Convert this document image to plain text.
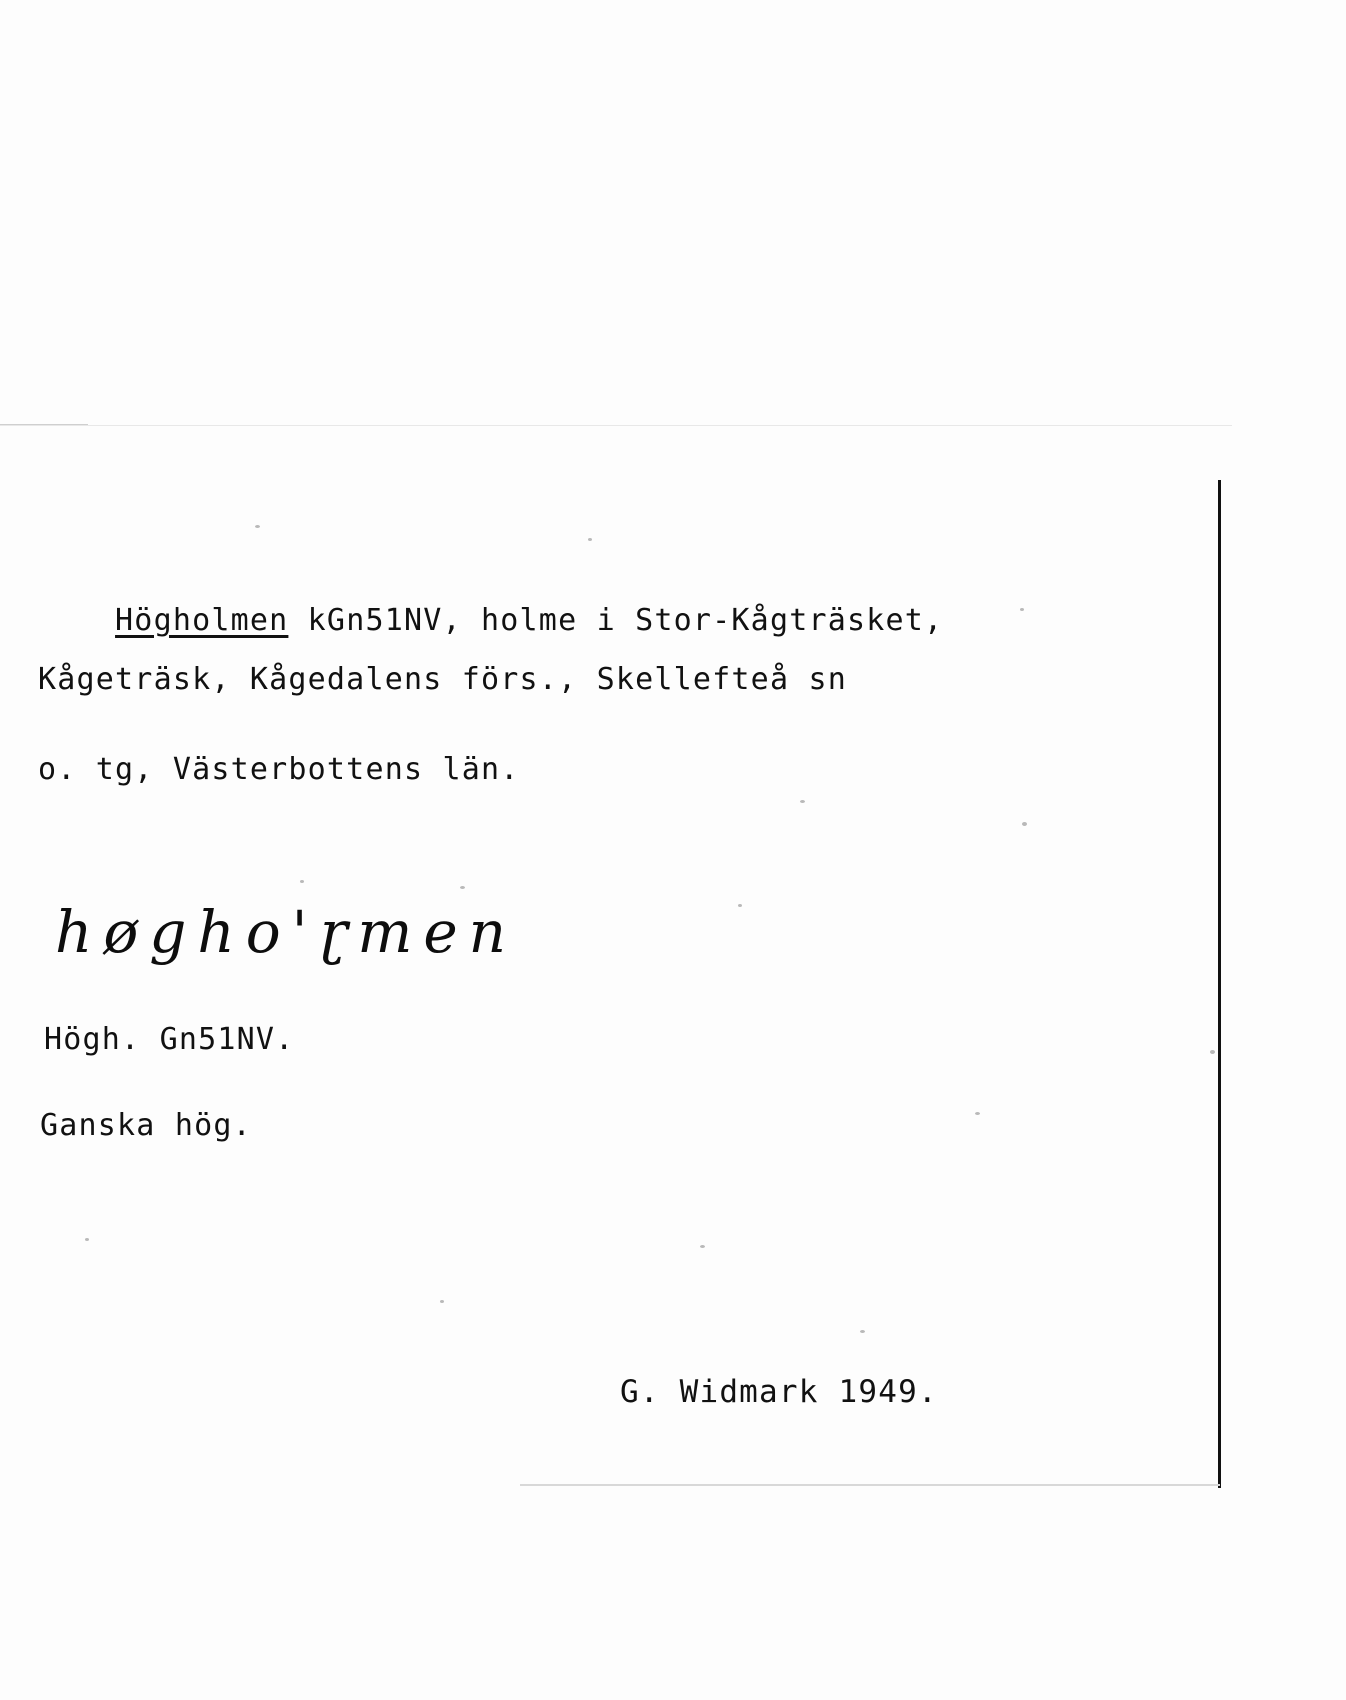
Högholmen kGn51NV, holme i Stor-Kågträsket,

Kågeträsk, Kågedalens förs., Skellefteå sn
o. tg, Västerbottens län.
høgho'ɽmen
Högh. Gn51NV.
Ganska hög.
G. Widmark 1949.
